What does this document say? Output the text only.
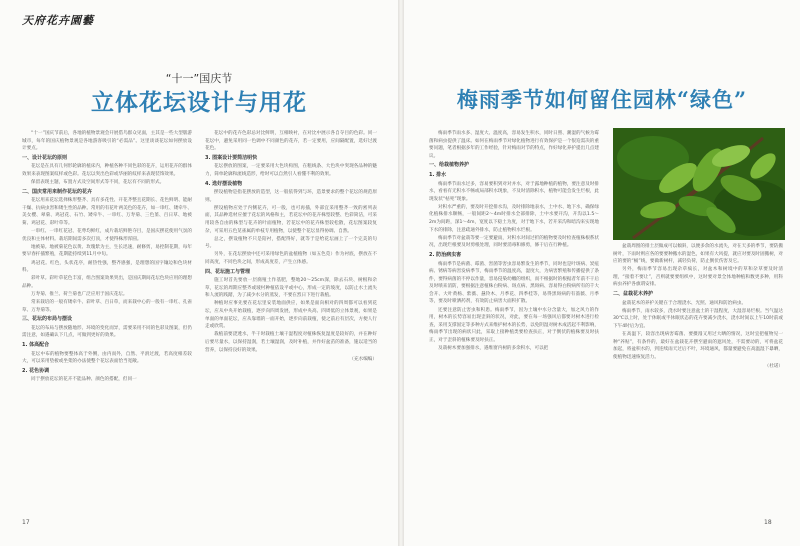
天府花卉園藝
“十一”国庆节
立体花坛设计与用花

“十一”国庆节前后，各地的植物景观会开展借鸟群众见面，主其是一些大型版游城市，每年的国庆植物景观是各地游客吸引的“必需品”。这里谈谈花坛如何摆放设计要点。

一、设计花坛的原则

花坛是在具有几何形轮廓的植床内，种植各种不同色彩的花卉，运用花卉的群体效果来表现图案纹样或色彩。花坛以突出色彩或华丽的纹样来表现装饰效果。

保留表现主题，布置方式及空间形式等不同，花坛有不同的形式。

二、国庆常用来制作花坛的花卉

花坛用来花坛选择株形整齐、具有多花性、开花齐整且花期长、花色鲜明、能耐干燥、抗病虫害和矮生性的品种。常用的有花叶两美色的花卉，如一串红、矮牵牛、美女樱、翠菊、鸡冠花、石竹、矮牵牛、一串红、万寿菊、三色堇、百日草、地被菊、鸡冠花、彩叶草等。

一串红、一串红花冠、花萼均鲜红，成片栽培鲜艳夺目，是国庆摆花使用气氛的优良和主体材料。栽培期间需多次打顶，才使得株形浑圆。

地被菊。地被菊花色以黄、玫瑰紫为主，生长迅速，耐修剪，易控制花期，每年要早春扦插繁殖，花期能持续到11月中旬。

鸡冠花。红色，头状花序，耐热性强，整齐感强，是理想的国字镶边和色块材料。

彩叶草。彩叶草花色丰富，组合图案效果突出，是国庆期间花坛色块应用的理想品种。

万寿菊、推兰、荷兰菊也广泛应用于国庆花坛。

常来栽培的一般有矮牵牛、彩叶草、百日草，而来栽中心的一般有一串红、孔雀草、万寿菊等。

三、花坛的布局与摆设

花坛的布局与摆放随地形、环境的变化而异，需要采用不同的色彩及图案，但仍需注意，如遇确认下几点，可做到更好的效果。

1. 体高配合

花坛中布的植物要整体高于外侧，由内而外，自然、平滑过渡，若高度相差较大，可以采用垫板或坐架的办法使整个花坛表面恰当宽敞。

2. 花色协调

同于摆放花坛的花卉不能品种、颜色的搭配，但同一

花坛中的花卉色彩忌对比鲜明，互相映衬，在对比中展示各自夺目的色彩。同一花坛中，避免采用同一色调中不同颜色的花卉，若一定要用，应间隔配置，选好过渡花色。

3. 图案设计要简洁明快

花坛摆放的图案，一定要采用大色块构图，在粗线条、大色块中突现各品种的魅力，简单轮廓和流线造形，给时可以自然引人看懂不利的效果。

4. 选好摆设植物

摆设植物是指花摆放的造型，这一般依得到与环，造景要求的整个花坛的规范原则。

摆设植物应处于内侧花卉，可一般，也可再插，外部宜采用整齐一致的密列表面，其品种选材应擅于花坛的风格和主，若花坛中的花卉株型较整、色彩简洁，可采用较各自由的株型与花卉的叶面植物，若花坛中的花卉株型较松散，花坛图案较复杂，可采用五色苋雀属的单枝专用植物，以使整个花坛显得协调、自然。

总之，摆设植物不只是陪衬，搭配得好，就等于是给花坛画上了一个完美的句号。

另外，在花坛摆放中还可采用绿色的盆植植物（如五色苋）作为衬底，摆放在不同高度，不同色块之间，形成高度差，产生立体感。

四、花坛施工与管理

施工时首先要放一层腐殖土作基肥，整地20～25cm深，除去石块、树根和杂草，花坛的周期应整齐或坡村种植依设平或中心，形成一定的坡度，以防止水土流失和人流的践踏，为了减少水分的蒸发，不要在烈日下进行栽植。

种植时应事先要在花坛里安装地面供应，如果是面向相对的四周都可以看到花坛，应从中央开始栽植，逐步向四周发展，形成中央高、四周低的立体景观，如果是单面的单面花坛，应从靠墙的一面开始，逐步向前栽植，使之前后有层次，方便人行走或欣赏。

栽植前要浇透水，半干时栽植土壤干湿程度对植株恢复湿度是较好的，并在种好后要尽量水，以保持湿润，若土壤湿润，及时补植，并作好盆苗的准备，施以适当的营养，以保持良好的效果。

（充水编编）

17
梅雨季节如何留住园林“绿色”

梅雨季节雨水多、湿度大、温度高，容易发生积水，同时日照、潮湿的气候为霉菌和病虫提供了温床。如何在梅雨季节对绿化植物进行有效保护是一个很迫需决的重要问题，笔者根据多年的工作经验，针对梅雨对节的特点，作好绿化养护提出几点建议。

一、给栽植物养护
1. 排水

梅雨季节雨水过多，容易要积到对对并水，对于露地种植的植物，要注意及时排水，看看有无积水不畅或局部积水现象，不及时清除积水，植物可能会发生烂根，此现发状“枯死”现象。

对积水严重的，要及时开挖排水沟，及时排除地表水，土中水、地下水，确保绿化植株排水顺畅，一般间距2～4m时排水全部排除，土中水要开沟，开沟以1.5～2m为间距，深1～4m，宽度以下稳土为度，对于地下水，若开采沟和暗沟来实现地下水的排除，注意疏通外排水，防止植物积水烂根。

梅雨季节对盆栽等要一定要避雨，对积水对间过折的植物要及时检查植株根系状况，出现烂根要及时剪根处理，同时要消毒和修剪，修干后在行种植。

2. 防治病虫害

梅雨季节是病菌、霉菌、害菌等害虫容易繁发生的季节，同时也是叶斑病、炭疽病、锈病等病害发病季节，梅雨季节的温度高，湿度大，为病害繁殖和传播提供了条件，要得病菌的不停以作量，容易侵染幼嫩的组织，而不根据时的根据者年前不干后及时喷来消防，要根据注意植株白粉病、斑点病、黑斑病、容易得白粉病所有的千大会开、大叶黄杨、紫薇、悬铃木、月季花、四季桂等，易得黑斑病的有蔷薇、月季等，要及时喷洒药剂，有效防止病害大面积扩散。

还要注意防止害虫和积患。梅雨季节，因为土壤中水分含量大，加之风力的作用，树木的长势容易出现歪斜的状况，对此，要在每一场强风后都要对树木进行检查，采用支撑固定等多种方式来维护树木的长势，以免阴湿对树木成活起不利影响，梅雨季节出现的病状只此，采取上接种植类要检查扶正，对于倒伏的植株要及时扶正，对于歪斜的植株要及时扶正。

及栽树木要加强排水，遇堆窗内树的多余积水，可以把

盆栽周围的排土层做成可以倾斜，以便多余的水流失，对在天多的季节，要防搬树叶，下雨时则应各的要要种搬水的湿色，如果有大风提，就应对要及时固搬树，对应的要的“桶”线，要做新树杆，减轻负荷，防止倒伏伤害及它。

另外，梅雨季节容易出现杂草疯长，对盆木和树境中的草和杂草要及时清理，“接着不要让”，否则就要要组织中，这时要对景全体地种植和数更多种，用科病虫养护各旗谓安排。

二、盆栽花木养护

盆栽花木的养护关键在于合理浇水、光照、通风和防治病虫。

梅雨季节，雨水较多，浇水时要注意盆土的干湿程度，大湿容易烂根。当气温达30℃以上时，处于休眠或半休眠状态的花卉要减少浇水，浇水时间以上午10时前或下午4时后为宜。

在高温下，较容出现病害霉菌、要摄漫又用过大晒的情况，这时宜把植物见一种“养贴”，有条件的，最好在盆栽花卉摆至避雨的遮风处，不需要动的，可将盆花加起，将盆积水的，到连续雨天过后不叶，环境通风，都量要避免在高温湿下暴晒，使植物迅速恢复活力。

（杜诺）

18
